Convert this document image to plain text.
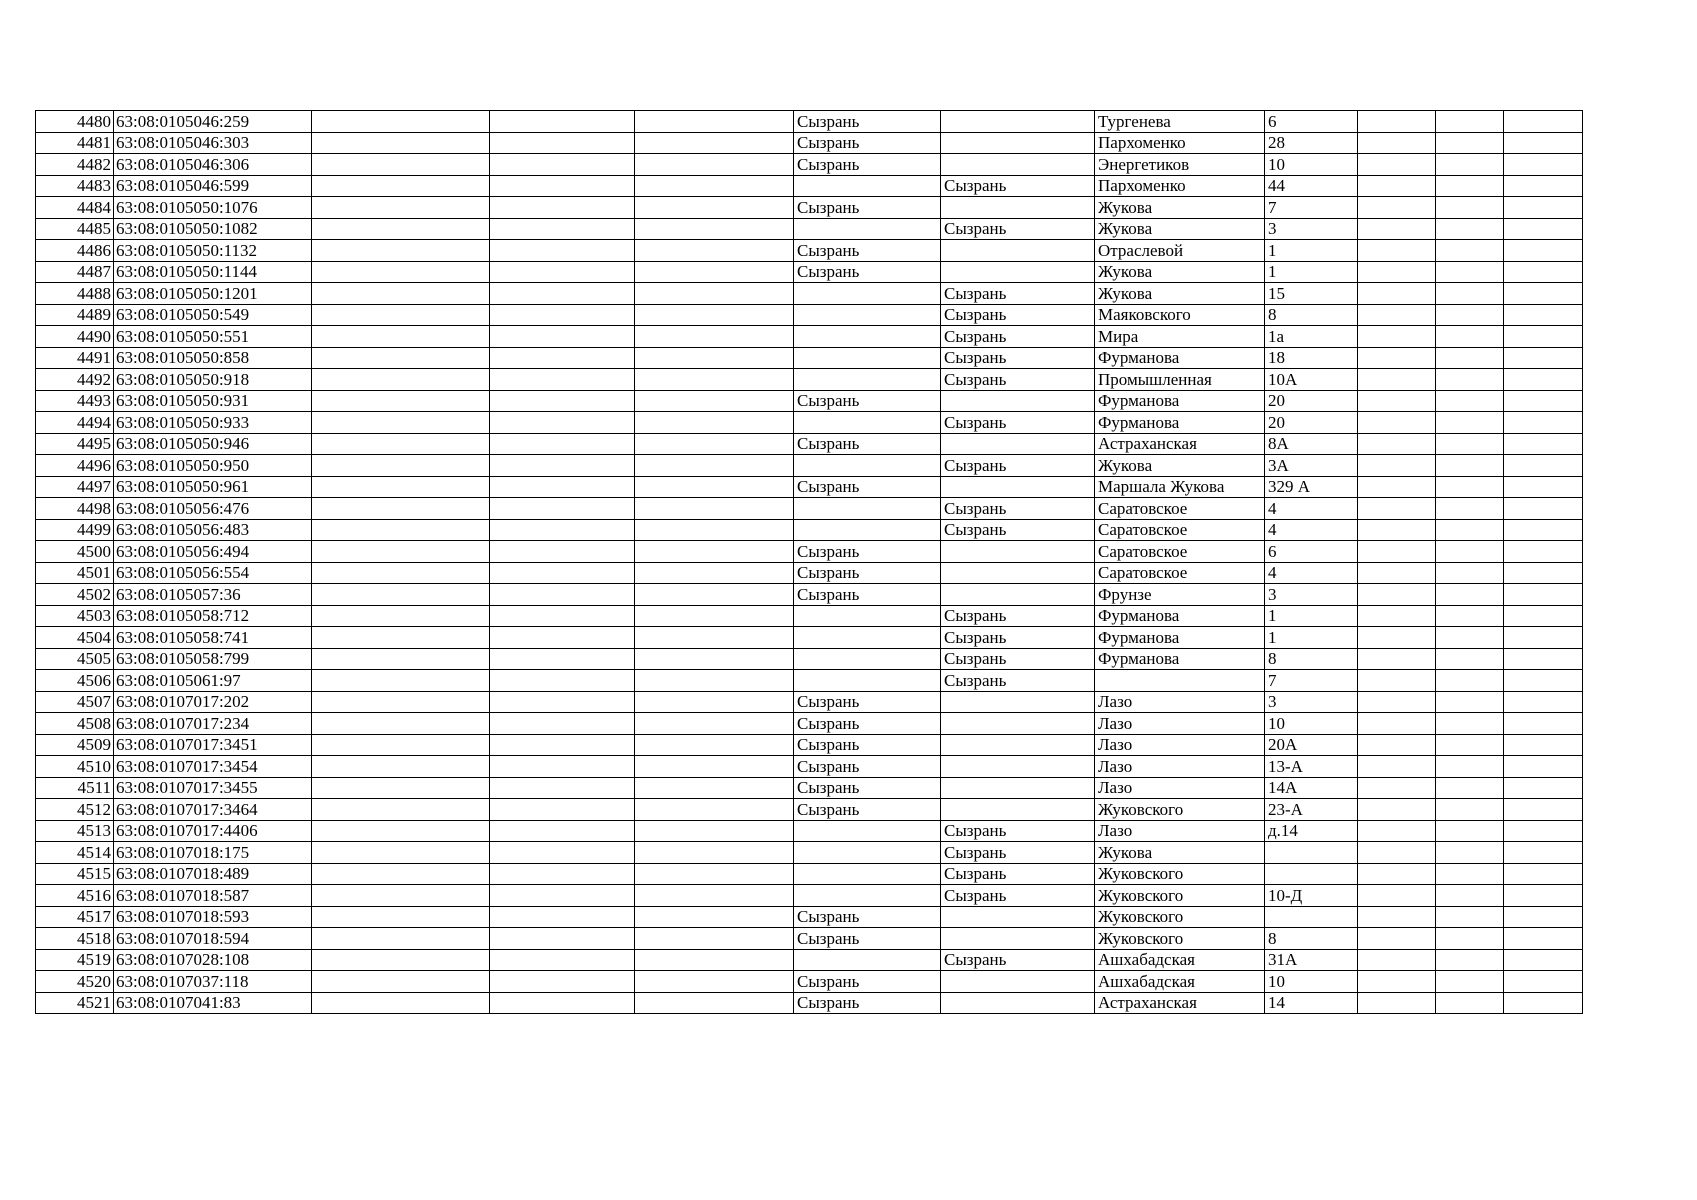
4480	63:08:0105046:259				Сызрань		Тургенева	6			
4481	63:08:0105046:303				Сызрань		Пархоменко	28			
4482	63:08:0105046:306				Сызрань		Энергетиков	10			
4483	63:08:0105046:599					Сызрань	Пархоменко	44			
4484	63:08:0105050:1076				Сызрань		Жукова	7			
4485	63:08:0105050:1082					Сызрань	Жукова	3			
4486	63:08:0105050:1132				Сызрань		Отраслевой	1			
4487	63:08:0105050:1144				Сызрань		Жукова	1			
4488	63:08:0105050:1201					Сызрань	Жукова	15			
4489	63:08:0105050:549					Сызрань	Маяковского	8			
4490	63:08:0105050:551					Сызрань	Мира	1а			
4491	63:08:0105050:858					Сызрань	Фурманова	18			
4492	63:08:0105050:918					Сызрань	Промышленная	10А			
4493	63:08:0105050:931				Сызрань		Фурманова	20			
4494	63:08:0105050:933					Сызрань	Фурманова	20			
4495	63:08:0105050:946				Сызрань		Астраханская	8А			
4496	63:08:0105050:950					Сызрань	Жукова	3А			
4497	63:08:0105050:961				Сызрань		Маршала Жукова	329 А			
4498	63:08:0105056:476					Сызрань	Саратовское	4			
4499	63:08:0105056:483					Сызрань	Саратовское	4			
4500	63:08:0105056:494				Сызрань		Саратовское	6			
4501	63:08:0105056:554				Сызрань		Саратовское	4			
4502	63:08:0105057:36				Сызрань		Фрунзе	3			
4503	63:08:0105058:712					Сызрань	Фурманова	1			
4504	63:08:0105058:741					Сызрань	Фурманова	1			
4505	63:08:0105058:799					Сызрань	Фурманова	8			
4506	63:08:0105061:97					Сызрань		7			
4507	63:08:0107017:202				Сызрань		Лазо	3			
4508	63:08:0107017:234				Сызрань		Лазо	10			
4509	63:08:0107017:3451				Сызрань		Лазо	20А			
4510	63:08:0107017:3454				Сызрань		Лазо	13-А			
4511	63:08:0107017:3455				Сызрань		Лазо	14А			
4512	63:08:0107017:3464				Сызрань		Жуковского	23-А			
4513	63:08:0107017:4406					Сызрань	Лазо	д.14			
4514	63:08:0107018:175					Сызрань	Жукова				
4515	63:08:0107018:489					Сызрань	Жуковского				
4516	63:08:0107018:587					Сызрань	Жуковского	10-Д			
4517	63:08:0107018:593				Сызрань		Жуковского				
4518	63:08:0107018:594				Сызрань		Жуковского	8			
4519	63:08:0107028:108					Сызрань	Ашхабадская	31А			
4520	63:08:0107037:118				Сызрань		Ашхабадская	10			
4521	63:08:0107041:83				Сызрань		Астраханская	14			
